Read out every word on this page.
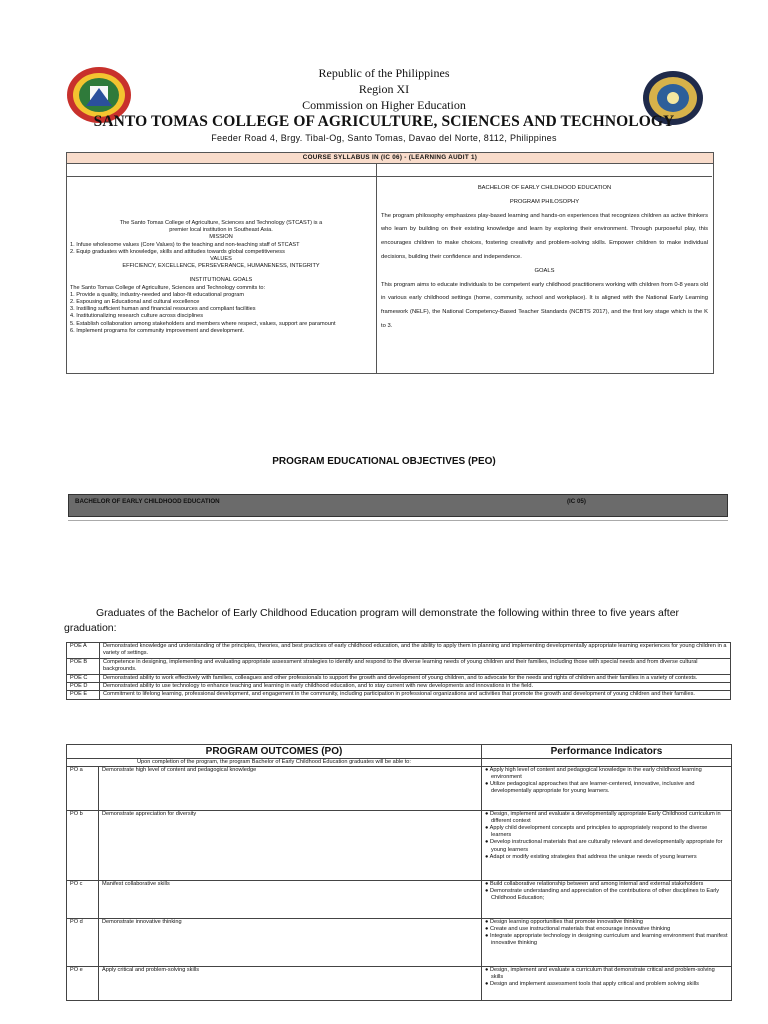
Republic of the Philippines
Region XI
Commission on Higher Education
SANTO TOMAS COLLEGE OF AGRICULTURE, SCIENCES AND TECHNOLOGY
Feeder Road 4, Brgy. Tibal-Og, Santo Tomas, Davao del Norte, 8112, Philippines
COURSE SYLLABUS IN (IC 06) - (LEARNING AUDIT 1)
The Santo Tomas College of Agriculture, Sciences and Technology (STCAST) is a
premier local institution in Southeast Asia.
MISSION
1. Infuse wholesome values (Core Values) to the teaching and non-teaching staff of STCAST
2. Equip graduates with knowledge, skills and attitudes towards global competitiveness
VALUES
EFFICIENCY, EXCELLENCE, PERSEVERANCE, HUMANENESS, INTEGRITY
INSTITUTIONAL GOALS
The Santo Tomas College of Agriculture, Sciences and Technology commits to:
1. Provide a quality, industry-needed and labor-fit educational program
2. Espousing an Educational and cultural excellence
3. Instilling sufficient human and financial resources and compliant facilities
4. Institutionalizing research culture across disciplines
5. Establish collaboration among stakeholders and members where respect, values, support are paramount
6. Implement programs for community improvement and development.
BACHELOR OF EARLY CHILDHOOD EDUCATION
PROGRAM PHILOSOPHY
The program philosophy emphasizes play-based learning and hands-on experiences that recognizes children as active thinkers who learn by building on their existing knowledge and learn by exploring their environment. Through purposeful play, this encourages children to make choices, fostering creativity and problem-solving skills. Empower children to make individual decisions, building their confidence and independence.
GOALS
This program aims to educate individuals to be competent early childhood practitioners working with children from 0-8 years old in various early childhood settings (home, community, school and workplace). It is aligned with the National Early Learning framework (NELF), the National Competency-Based Teacher Standards (NCBTS 2017), and the first key stage which is the K to 3.
PROGRAM EDUCATIONAL OBJECTIVES (PEO)
BACHELOR OF EARLY CHILDHOOD EDUCATION	(IC 05)
Graduates of the Bachelor of Early Childhood Education program will demonstrate the following within three to five years after graduation:
POE A	Demonstrated knowledge and understanding of the principles, theories, and best practices of early childhood education, and the ability to apply them in planning and implementing developmentally appropriate learning experiences for young children in a variety of settings.
POE B	Competence in designing, implementing and evaluating appropriate assessment strategies to identify and respond to the diverse learning needs of young children and their families, including those with special needs and from diverse cultural backgrounds.
POE C	Demonstrated ability to work effectively with families, colleagues and other professionals to support the growth and development of young children, and to advocate for the needs and rights of children and their families in a variety of contexts.
POE D	Demonstrated ability to use technology to enhance teaching and learning in early childhood education, and to stay current with new developments and innovations in the field.
POE E	Commitment to lifelong learning, professional development, and engagement in the community, including participation in professional organizations and activities that promote the growth and development of young children and their families.
PROGRAM OUTCOMES (PO)		Performance Indicators
Upon completion of the program, the program Bachelor of Early Childhood Education graduates will be able to:		
PO a	Demonstrate high level of content and pedagogical knowledge	● Apply high level of content and pedagogical knowledge in the early childhood learning environment
● Utilize pedagogical approaches that are learner-centered, innovative, inclusive and developmentally appropriate for young learners.

PO b	Demonstrate appreciation for diversity	● Design, implement and evaluate a developmentally appropriate Early Childhood curriculum in different context
● Apply child development concepts and principles to appropriately respond to the diverse learners
● Develop instructional materials that are culturally relevant and developmentally appropriate for young learners
● Adapt or modify existing strategies that address the unique needs of young learners

PO c	Manifest collaborative skills	● Build collaborative relationship between and among internal and external stakeholders
● Demonstrate understanding and appreciation of the contributions of other disciplines to Early Childhood Education;

PO d	Demonstrate innovative thinking	● Design learning opportunities that promote innovative thinking
● Create and use instructional materials that encourage innovative thinking
● Integrate appropriate technology in designing curriculum and learning environment that manifest innovative thinking

PO e	Apply critical and problem-solving skills	● Design, implement and evaluate a curriculum that demonstrate critical and problem-solving skills
● Design and implement assessment tools that apply critical and problem solving skills
